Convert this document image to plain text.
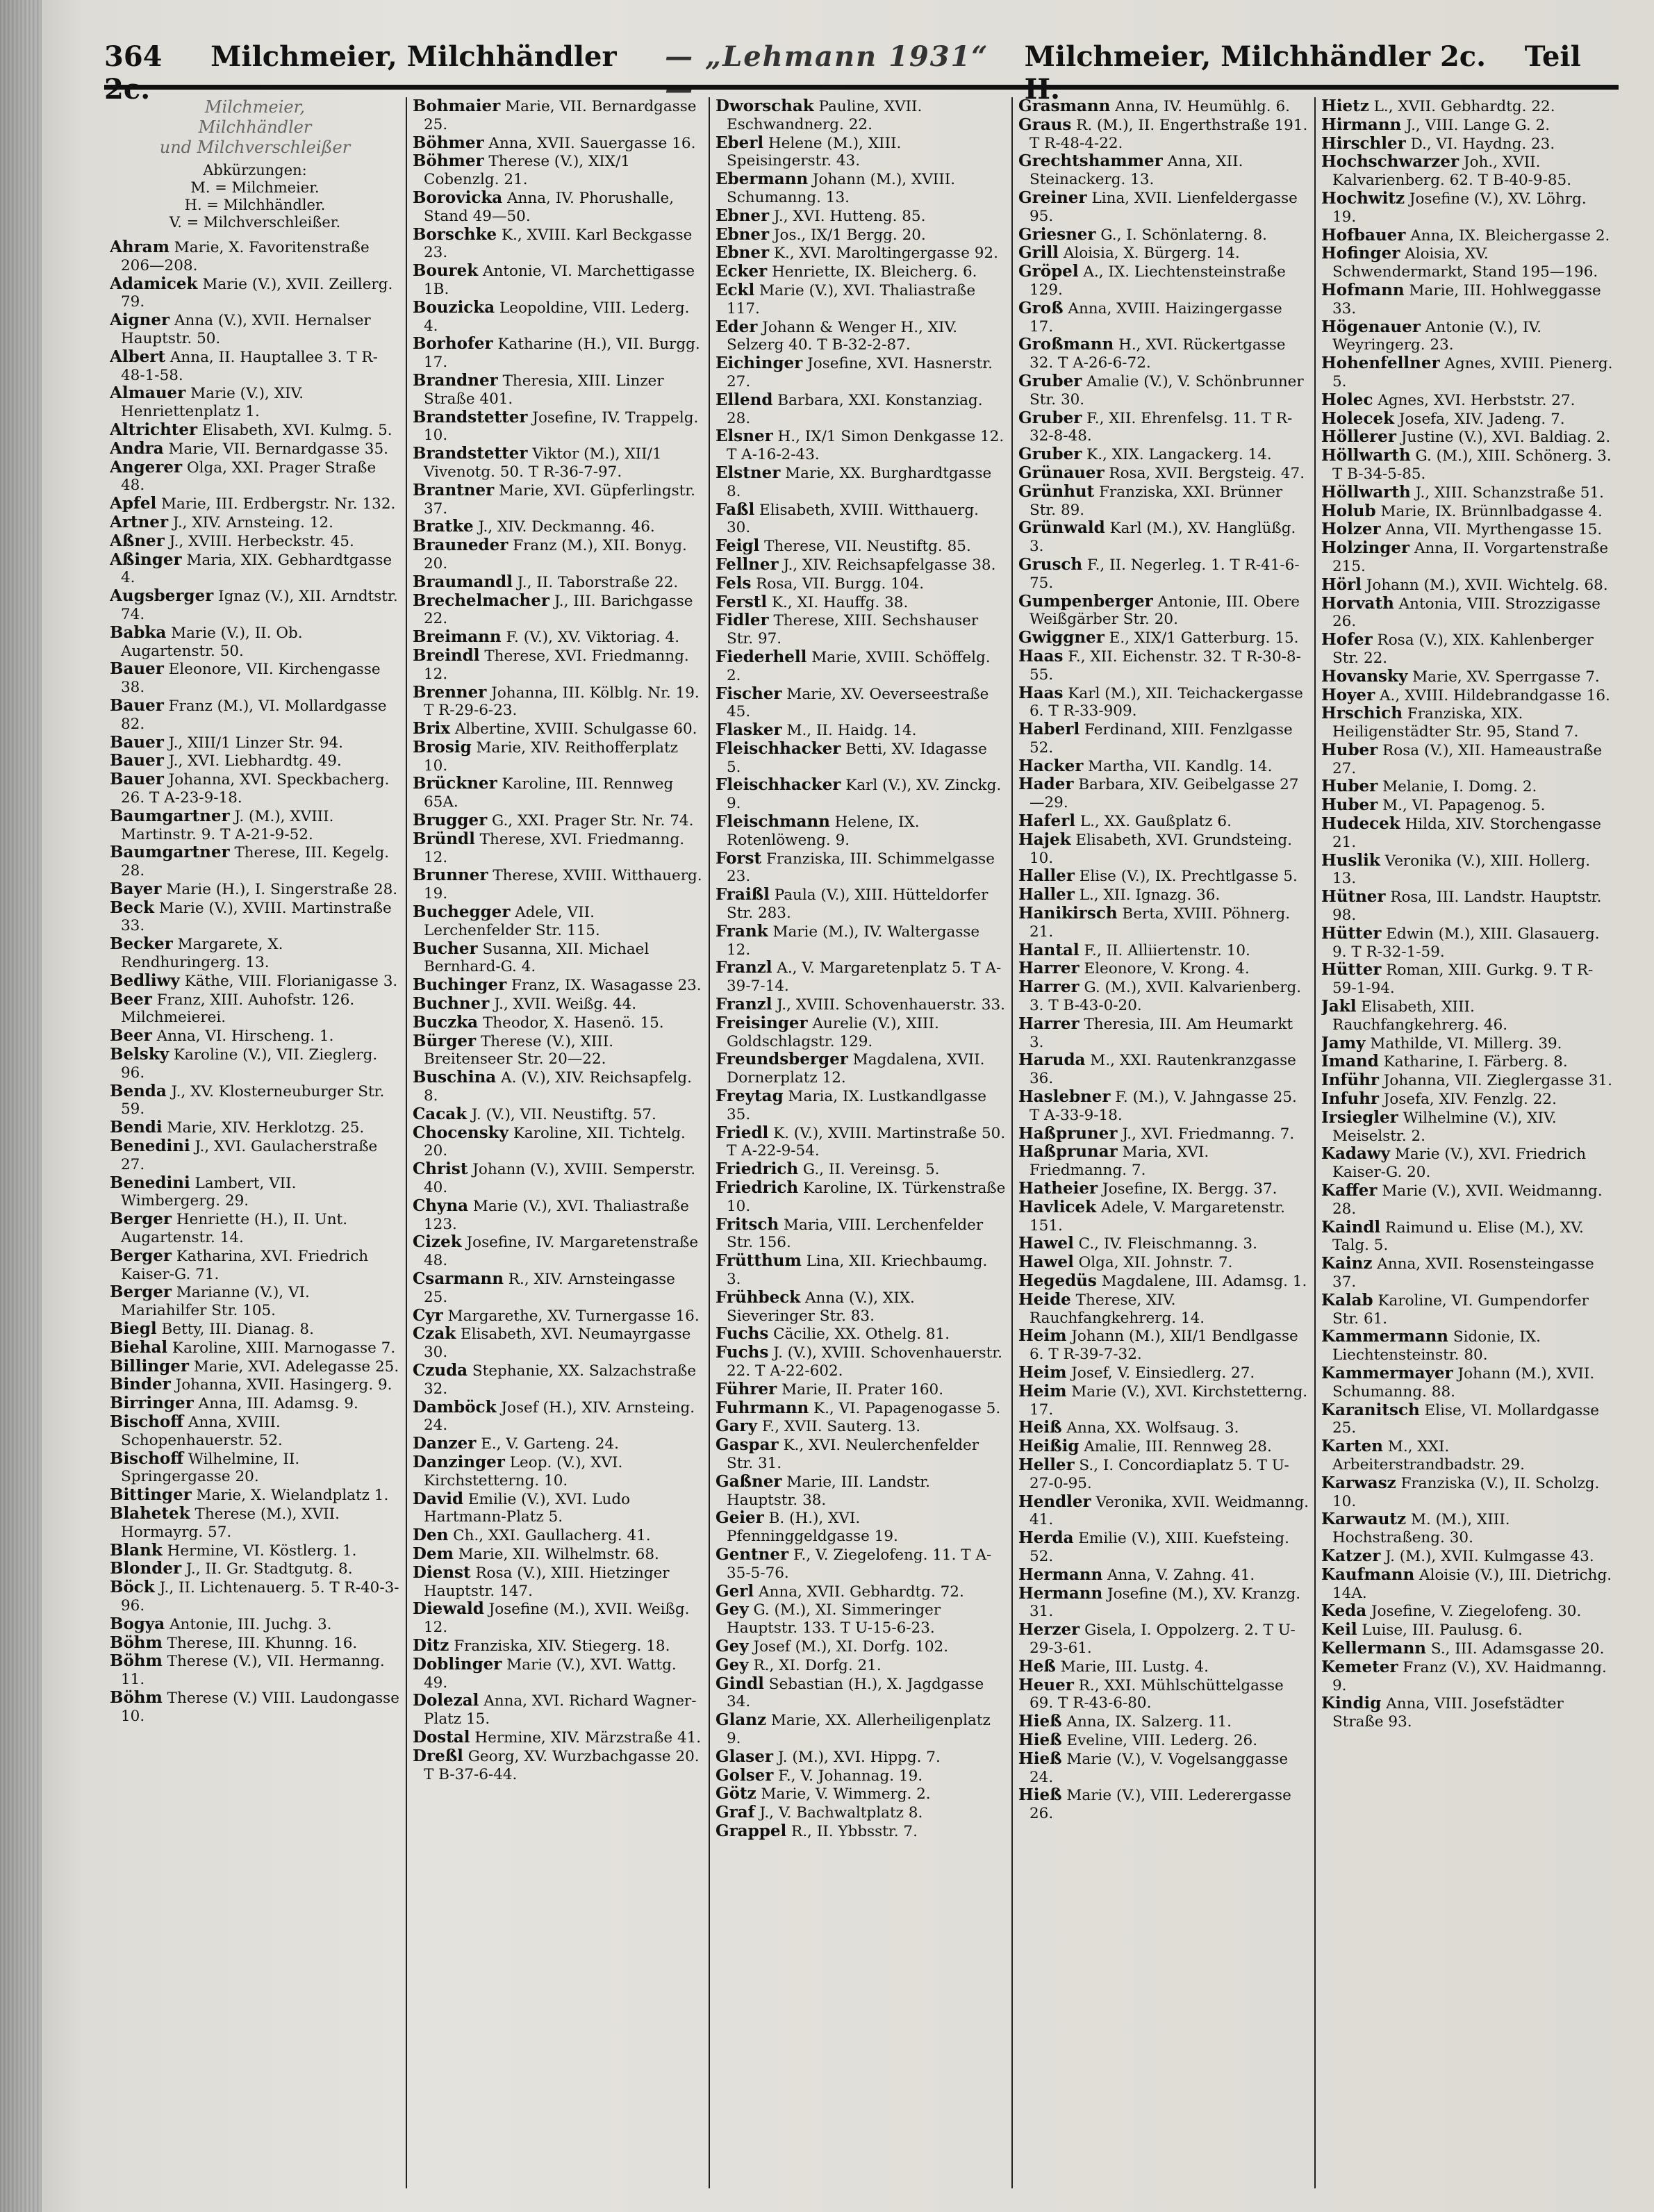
364 Milchmeier, Milchhändler	— „Lehmann 1931“	Milchmeier, Milchhändler 2c. Teil
Milchmeier,
Milchhändler
und Milchverschleißer
Abkürzungen:
M. = Milchmeier.
H. = Milchhändler.
V. = Milchverschleißer.

Ahram Marie, X. Favoritenstraße 206—208.

Adamicek Marie (V.), XVII. Zeillerg. 79.

Aigner Anna (V.), XVII. Hernalser Hauptstr. 50.

Albert Anna, II. Hauptallee 3. T R-48-1-58.

Almauer Marie (V.), XIV. Henriettenplatz 1.

Altrichter Elisabeth, XVI. Kulmg. 5.

Andra Marie, VII. Bernardgasse 35.

Angerer Olga, XXI. Prager Straße 48.

Apfel Marie, III. Erdbergstr. Nr. 132.

Artner J., XIV. Arnsteing. 12.

Aßner J., XVIII. Herbeckstr. 45.

Aßinger Maria, XIX. Gebhardtgasse 4.

Augsberger Ignaz (V.), XII. Arndtstr. 74.

Babka Marie (V.), II. Ob. Augartenstr. 50.

Bauer Eleonore, VII. Kirchengasse 38.

Bauer Franz (M.), VI. Mollardgasse 82.

Bauer J., XIII/1 Linzer Str. 94.

Bauer J., XVI. Liebhardtg. 49.

Bauer Johanna, XVI. Speckbacherg. 26. T A-23-9-18.

Baumgartner J. (M.), XVIII. Martinstr. 9. T A-21-9-52.

Baumgartner Therese, III. Kegelg. 28.

Bayer Marie (H.), I. Singerstraße 28.

Beck Marie (V.), XVIII. Martinstraße 33.

Becker Margarete, X. Rendhuringerg. 13.

Bedliwy Käthe, VIII. Florianigasse 3.

Beer Franz, XIII. Auhofstr. 126. Milchmeierei.

Beer Anna, VI. Hirscheng. 1.

Belsky Karoline (V.), VII. Zieglerg. 96.

Benda J., XV. Klosterneuburger Str. 59.

Bendi Marie, XIV. Herklotzg. 25.

Benedini J., XVI. Gaulacherstraße 27.

Benedini Lambert, VII. Wimbergerg. 29.

Berger Henriette (H.), II. Unt. Augartenstr. 14.

Berger Katharina, XVI. Friedrich Kaiser-G. 71.

Berger Marianne (V.), VI. Mariahilfer Str. 105.

Biegl Betty, III. Dianag. 8.

Biehal Karoline, XIII. Marnogasse 7.

Billinger Marie, XVI. Adelegasse 25.

Binder Johanna, XVII. Hasingerg. 9.

Birringer Anna, III. Adamsg. 9.

Bischoff Anna, XVIII. Schopenhauerstr. 52.

Bischoff Wilhelmine, II. Springergasse 20.

Bittinger Marie, X. Wielandplatz 1.

Blahetek Therese (M.), XVII. Hormayrg. 57.

Blank Hermine, VI. Köstlerg. 1.

Blonder J., II. Gr. Stadtgutg. 8.

Böck J., II. Lichtenauerg. 5. T R-40-3-96.

Bogya Antonie, III. Juchg. 3.

Böhm Therese, III. Khunng. 16.

Böhm Therese (V.), VII. Hermanng. 11.

Böhm Therese (V.) VIII. Laudongasse 10.

Bohmaier Marie, VII. Bernardgasse 25.

Böhmer Anna, XVII. Sauergasse 16.

Böhmer Therese (V.), XIX/1 Cobenzlg. 21.

Borovicka Anna, IV. Phorushalle, Stand 49—50.

Borschke K., XVIII. Karl Beckgasse 23.

Bourek Antonie, VI. Marchettigasse 1B.

Bouzicka Leopoldine, VIII. Lederg. 4.

Borhofer Katharine (H.), VII. Burgg. 17.

Brandner Theresia, XIII. Linzer Straße 401.

Brandstetter Josefine, IV. Trappelg. 10.

Brandstetter Viktor (M.), XII/1 Vivenotg. 50. T R-36-7-97.

Brantner Marie, XVI. Güpferlingstr. 37.

Bratke J., XIV. Deckmanng. 46.

Brauneder Franz (M.), XII. Bonyg. 20.

Braumandl J., II. Taborstraße 22.

Brechelmacher J., III. Barichgasse 22.

Breimann F. (V.), XV. Viktoriag. 4.

Breindl Therese, XVI. Friedmanng. 12.

Brenner Johanna, III. Kölblg. Nr. 19. T R-29-6-23.

Brix Albertine, XVIII. Schulgasse 60.

Brosig Marie, XIV. Reithofferplatz 10.

Brückner Karoline, III. Rennweg 65A.

Brugger G., XXI. Prager Str. Nr. 74.

Bründl Therese, XVI. Friedmanng. 12.

Brunner Therese, XVIII. Witthauerg. 19.

Buchegger Adele, VII. Lerchenfelder Str. 115.

Bucher Susanna, XII. Michael Bernhard-G. 4.

Buchinger Franz, IX. Wasagasse 23.

Buchner J., XVII. Weißg. 44.

Buczka Theodor, X. Hasenö. 15.

Bürger Therese (V.), XIII. Breitenseer Str. 20—22.

Buschina A. (V.), XIV. Reichsapfelg. 8.

Cacak J. (V.), VII. Neustiftg. 57.

Chocensky Karoline, XII. Tichtelg. 20.

Christ Johann (V.), XVIII. Semperstr. 40.

Chyna Marie (V.), XVI. Thaliastraße 123.

Cizek Josefine, IV. Margaretenstraße 48.

Csarmann R., XIV. Arnsteingasse 25.

Cyr Margarethe, XV. Turnergasse 16.

Czak Elisabeth, XVI. Neumayrgasse 30.

Czuda Stephanie, XX. Salzachstraße 32.

Damböck Josef (H.), XIV. Arnsteing. 24.

Danzer E., V. Garteng. 24.

Danzinger Leop. (V.), XVI. Kirchstetterng. 10.

David Emilie (V.), XVI. Ludo Hartmann-Platz 5.

Den Ch., XXI. Gaullacherg. 41.

Dem Marie, XII. Wilhelmstr. 68.

Dienst Rosa (V.), XIII. Hietzinger Hauptstr. 147.

Diewald Josefine (M.), XVII. Weißg. 12.

Ditz Franziska, XIV. Stiegerg. 18.

Doblinger Marie (V.), XVI. Wattg. 49.

Dolezal Anna, XVI. Richard Wagner-Platz 15.

Dostal Hermine, XIV. Märzstraße 41.

Dreßl Georg, XV. Wurzbachgasse 20. T B-37-6-44.

Dworschak Pauline, XVII. Eschwandnerg. 22.

Eberl Helene (M.), XIII. Speisingerstr. 43.

Ebermann Johann (M.), XVIII. Schumanng. 13.

Ebner J., XVI. Hutteng. 85.

Ebner Jos., IX/1 Bergg. 20.

Ebner K., XVI. Maroltingergasse 92.

Ecker Henriette, IX. Bleicherg. 6.

Eckl Marie (V.), XVI. Thaliastraße 117.

Eder Johann & Wenger H., XIV. Selzerg 40. T B-32-2-87.

Eichinger Josefine, XVI. Hasnerstr. 27.

Ellend Barbara, XXI. Konstanziag. 28.

Elsner H., IX/1 Simon Denkgasse 12. T A-16-2-43.

Elstner Marie, XX. Burghardtgasse 8.

Faßl Elisabeth, XVIII. Witthauerg. 30.

Feigl Therese, VII. Neustiftg. 85.

Fellner J., XIV. Reichsapfelgasse 38.

Fels Rosa, VII. Burgg. 104.

Ferstl K., XI. Hauffg. 38.

Fidler Therese, XIII. Sechshauser Str. 97.

Fiederhell Marie, XVIII. Schöffelg. 2.

Fischer Marie, XV. Oeverseestraße 45.

Flasker M., II. Haidg. 14.

Fleischhacker Betti, XV. Idagasse 5.

Fleischhacker Karl (V.), XV. Zinckg. 9.

Fleischmann Helene, IX. Rotenlöweng. 9.

Forst Franziska, III. Schimmelgasse 23.

Fraißl Paula (V.), XIII. Hütteldorfer Str. 283.

Frank Marie (M.), IV. Waltergasse 12.

Franzl A., V. Margaretenplatz 5. T A-39-7-14.

Franzl J., XVIII. Schovenhauerstr. 33.

Freisinger Aurelie (V.), XIII. Goldschlagstr. 129.

Freundsberger Magdalena, XVII. Dornerplatz 12.

Freytag Maria, IX. Lustkandlgasse 35.

Friedl K. (V.), XVIII. Martinstraße 50. T A-22-9-54.

Friedrich G., II. Vereinsg. 5.

Friedrich Karoline, IX. Türkenstraße 10.

Fritsch Maria, VIII. Lerchenfelder Str. 156.

Frütthum Lina, XII. Kriechbaumg. 3.

Frühbeck Anna (V.), XIX. Sieveringer Str. 83.

Fuchs Cäcilie, XX. Othelg. 81.

Fuchs J. (V.), XVIII. Schovenhauerstr. 22. T A-22-602.

Führer Marie, II. Prater 160.

Fuhrmann K., VI. Papagenogasse 5.

Gary F., XVII. Sauterg. 13.

Gaspar K., XVI. Neulerchenfelder Str. 31.

Gaßner Marie, III. Landstr. Hauptstr. 38.

Geier B. (H.), XVI. Pfenninggeldgasse 19.

Gentner F., V. Ziegelofeng. 11. T A-35-5-76.

Gerl Anna, XVII. Gebhardtg. 72.

Gey G. (M.), XI. Simmeringer Hauptstr. 133. T U-15-6-23.

Gey Josef (M.), XI. Dorfg. 102.

Gey R., XI. Dorfg. 21.

Gindl Sebastian (H.), X. Jagdgasse 34.

Glanz Marie, XX. Allerheiligenplatz 9.

Glaser J. (M.), XVI. Hippg. 7.

Golser F., V. Johannag. 19.

Götz Marie, V. Wimmerg. 2.

Graf J., V. Bachwaltplatz 8.

Grappel R., II. Ybbsstr. 7.

Grasmann Anna, IV. Heumühlg. 6.

Graus R. (M.), II. Engerthstraße 191. T R-48-4-22.

Grechtshammer Anna, XII. Steinackerg. 13.

Greiner Lina, XVII. Lienfeldergasse 95.

Griesner G., I. Schönlaterng. 8.

Grill Aloisia, X. Bürgerg. 14.

Gröpel A., IX. Liechtensteinstraße 129.

Groß Anna, XVIII. Haizingergasse 17.

Großmann H., XVI. Rückertgasse 32. T A-26-6-72.

Gruber Amalie (V.), V. Schönbrunner Str. 30.

Gruber F., XII. Ehrenfelsg. 11. T R-32-8-48.

Gruber K., XIX. Langackerg. 14.

Grünauer Rosa, XVII. Bergsteig. 47.

Grünhut Franziska, XXI. Brünner Str. 89.

Grünwald Karl (M.), XV. Hanglüßg. 3.

Grusch F., II. Negerleg. 1. T R-41-6-75.

Gumpenberger Antonie, III. Obere Weißgärber Str. 20.

Gwiggner E., XIX/1 Gatterburg. 15.

Haas F., XII. Eichenstr. 32. T R-30-8-55.

Haas Karl (M.), XII. Teichackergasse 6. T R-33-909.

Haberl Ferdinand, XIII. Fenzlgasse 52.

Hacker Martha, VII. Kandlg. 14.

Hader Barbara, XIV. Geibelgasse 27—29.

Haferl L., XX. Gaußplatz 6.

Hajek Elisabeth, XVI. Grundsteing. 10.

Haller Elise (V.), IX. Prechtlgasse 5.

Haller L., XII. Ignazg. 36.

Hanikirsch Berta, XVIII. Pöhnerg. 21.

Hantal F., II. Alliiertenstr. 10.

Harrer Eleonore, V. Krong. 4.

Harrer G. (M.), XVII. Kalvarienberg. 3. T B-43-0-20.

Harrer Theresia, III. Am Heumarkt 3.

Haruda M., XXI. Rautenkranzgasse 36.

Haslebner F. (M.), V. Jahngasse 25. T A-33-9-18.

Haßpruner J., XVI. Friedmanng. 7.

Haßprunar Maria, XVI. Friedmanng. 7.

Hatheier Josefine, IX. Bergg. 37.

Havlicek Adele, V. Margaretenstr. 151.

Hawel C., IV. Fleischmanng. 3.

Hawel Olga, XII. Johnstr. 7.

Hegedüs Magdalene, III. Adamsg. 1.

Heide Therese, XIV. Rauchfangkehrerg. 14.

Heim Johann (M.), XII/1 Bendlgasse 6. T R-39-7-32.

Heim Josef, V. Einsiedlerg. 27.

Heim Marie (V.), XVI. Kirchstetterng. 17.

Heiß Anna, XX. Wolfsaug. 3.

Heißig Amalie, III. Rennweg 28.

Heller S., I. Concordiaplatz 5. T U-27-0-95.

Hendler Veronika, XVII. Weidmanng. 41.

Herda Emilie (V.), XIII. Kuefsteing. 52.

Hermann Anna, V. Zahng. 41.

Hermann Josefine (M.), XV. Kranzg. 31.

Herzer Gisela, I. Oppolzerg. 2. T U-29-3-61.

Heß Marie, III. Lustg. 4.

Heuer R., XXI. Mühlschüttelgasse 69. T R-43-6-80.

Hieß Anna, IX. Salzerg. 11.

Hieß Eveline, VIII. Lederg. 26.

Hieß Marie (V.), V. Vogelsanggasse 24.

Hieß Marie (V.), VIII. Lederergasse 26.

Hietz L., XVII. Gebhardtg. 22.

Hirmann J., VIII. Lange G. 2.

Hirschler D., VI. Haydng. 23.

Hochschwarzer Joh., XVII. Kalvarienberg. 62. T B-40-9-85.

Hochwitz Josefine (V.), XV. Löhrg. 19.

Hofbauer Anna, IX. Bleichergasse 2.

Hofinger Aloisia, XV. Schwendermarkt, Stand 195—196.

Hofmann Marie, III. Hohlweggasse 33.

Högenauer Antonie (V.), IV. Weyringerg. 23.

Hohenfellner Agnes, XVIII. Pienerg. 5.

Holec Agnes, XVI. Herbststr. 27.

Holecek Josefa, XIV. Jadeng. 7.

Höllerer Justine (V.), XVI. Baldiag. 2.

Höllwarth G. (M.), XIII. Schönerg. 3. T B-34-5-85.

Höllwarth J., XIII. Schanzstraße 51.

Holub Marie, IX. Brünnlbadgasse 4.

Holzer Anna, VII. Myrthengasse 15.

Holzinger Anna, II. Vorgartenstraße 215.

Hörl Johann (M.), XVII. Wichtelg. 68.

Horvath Antonia, VIII. Strozzigasse 26.

Hofer Rosa (V.), XIX. Kahlenberger Str. 22.

Hovansky Marie, XV. Sperrgasse 7.

Hoyer A., XVIII. Hildebrandgasse 16.

Hrschich Franziska, XIX. Heiligenstädter Str. 95, Stand 7.

Huber Rosa (V.), XII. Hameaustraße 27.

Huber Melanie, I. Domg. 2.

Huber M., VI. Papagenog. 5.

Hudecek Hilda, XIV. Storchengasse 21.

Huslik Veronika (V.), XIII. Hollerg. 13.

Hütner Rosa, III. Landstr. Hauptstr. 98.

Hütter Edwin (M.), XIII. Glasauerg. 9. T R-32-1-59.

Hütter Roman, XIII. Gurkg. 9. T R-59-1-94.

Jakl Elisabeth, XIII. Rauchfangkehrerg. 46.

Jamy Mathilde, VI. Millerg. 39.

Imand Katharine, I. Färberg. 8.

Inführ Johanna, VII. Zieglergasse 31.

Infuhr Josefa, XIV. Fenzlg. 22.

Irsiegler Wilhelmine (V.), XIV. Meiselstr. 2.

Kadawy Marie (V.), XVI. Friedrich Kaiser-G. 20.

Kaffer Marie (V.), XVII. Weidmanng. 28.

Kaindl Raimund u. Elise (M.), XV. Talg. 5.

Kainz Anna, XVII. Rosensteingasse 37.

Kalab Karoline, VI. Gumpendorfer Str. 61.

Kammermann Sidonie, IX. Liechtensteinstr. 80.

Kammermayer Johann (M.), XVII. Schumanng. 88.

Karanitsch Elise, VI. Mollardgasse 25.

Karten M., XXI. Arbeiterstrandbadstr. 29.

Karwasz Franziska (V.), II. Scholzg. 10.

Karwautz M. (M.), XIII. Hochstraßeng. 30.

Katzer J. (M.), XVII. Kulmgasse 43.

Kaufmann Aloisie (V.), III. Dietrichg. 14A.

Keda Josefine, V. Ziegelofeng. 30.

Keil Luise, III. Paulusg. 6.

Kellermann S., III. Adamsgasse 20.

Kemeter Franz (V.), XV. Haidmanng. 9.

Kindig Anna, VIII. Josefstädter Straße 93.
